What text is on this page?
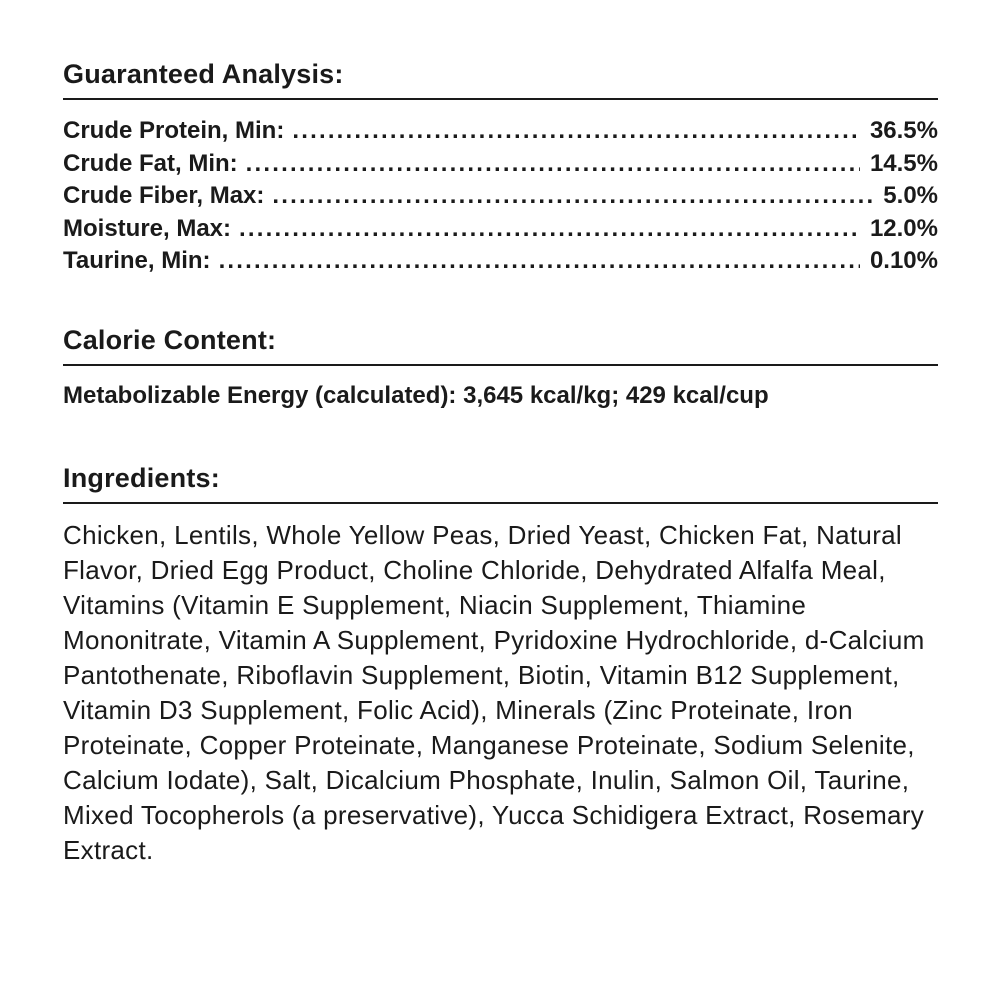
Guaranteed Analysis:
Crude Protein, Min: .....	36.5%
Crude Fat, Min: .....	14.5%
Crude Fiber, Max: .....	5.0%
Moisture, Max: .....	12.0%
Taurine, Min: .....	0.10%
Calorie Content:
Metabolizable Energy (calculated): 3,645 kcal/kg; 429 kcal/cup
Ingredients:
Chicken, Lentils, Whole Yellow Peas, Dried Yeast, Chicken Fat, Natural Flavor, Dried Egg Product, Choline Chloride, Dehydrated Alfalfa Meal, Vitamins (Vitamin E Supplement, Niacin Supplement, Thiamine Mononitrate, Vitamin A Supplement, Pyridoxine Hydrochloride, d-Calcium Pantothenate, Riboflavin Supplement, Biotin, Vitamin B12 Supplement, Vitamin D3 Supplement, Folic Acid), Minerals (Zinc Proteinate, Iron Proteinate, Copper Proteinate, Manganese Proteinate, Sodium Selenite, Calcium Iodate), Salt, Dicalcium Phosphate, Inulin, Salmon Oil, Taurine, Mixed Tocopherols (a preservative), Yucca Schidigera Extract, Rosemary Extract.
